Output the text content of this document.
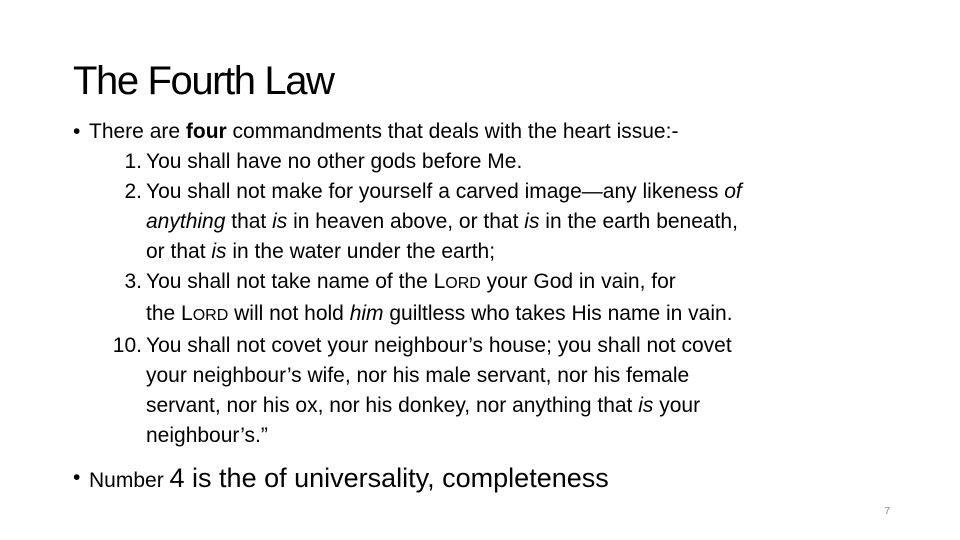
The Fourth Law
• There are four commandments that deals with the heart issue:-
1. You shall have no other gods before Me.
2. You shall not make for yourself a carved image—any likeness of
anything that is in heaven above, or that is in the earth beneath,
or that is in the water under the earth;
3. You shall not take name of the LORD your God in vain, for
the LORD will not hold him guiltless who takes His name in vain.
10. You shall not covet your neighbour’s house; you shall not covet
your neighbour’s wife, nor his male servant, nor his female
servant, nor his ox, nor his donkey, nor anything that is your
neighbour’s.”
• Number 4 is the of universality, completeness
7
